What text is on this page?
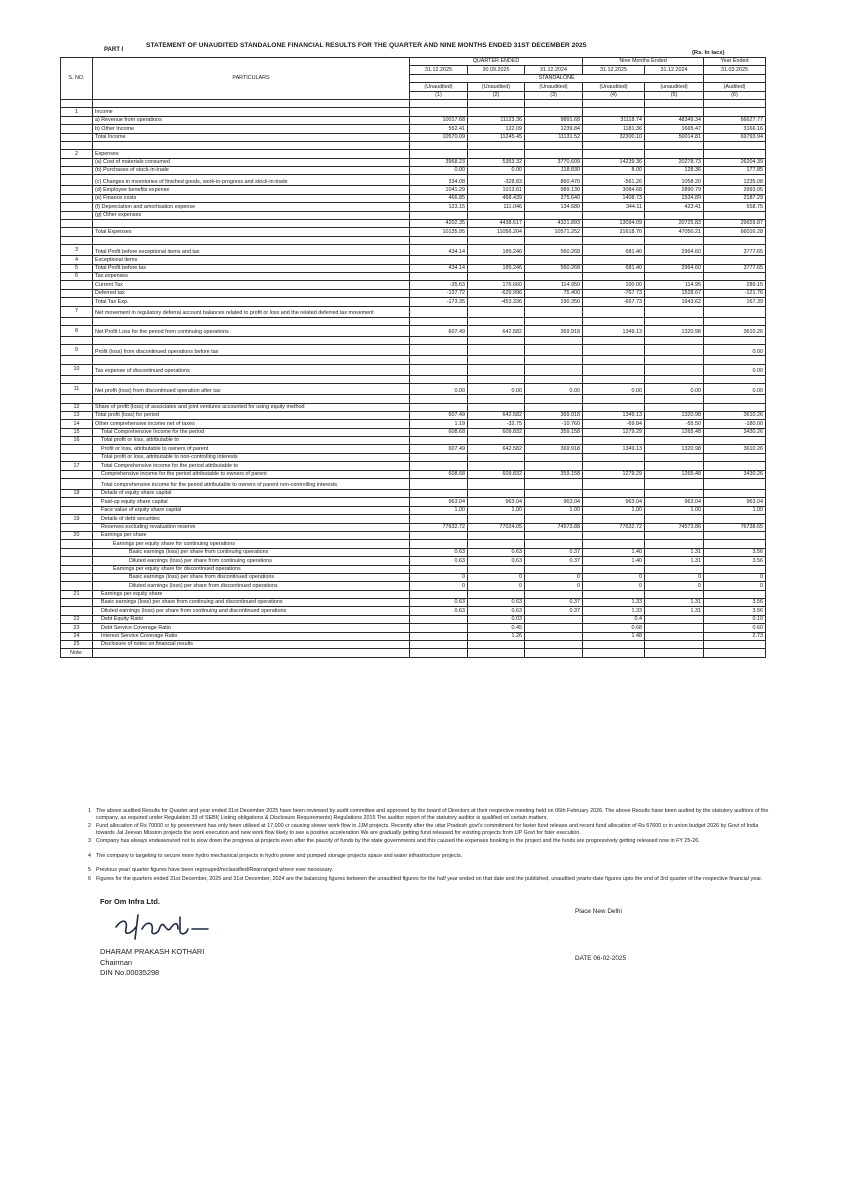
STATEMENT OF UNAUDITED STANDALONE FINANCIAL RESULTS FOR THE QUARTER AND NINE MONTHS ENDED 31ST DECEMBER 2025
PART I	(Rs. In lacs)
S. NO.	PARTICULARS	QUARTER ENDED			Nine Months Ended		Year Ended
		31.12.2025	30.09.2025	31.12.2024	31.12.2025	31.12.2024	31.03.2025
		STANDALONE					
		(Unaudited)	(Unaudited)	(Unaudited)	(Unaudited)	(unaudited)	(Audited)
		(1)	(2)	(3)	(4)	(5)	(6)

1	Income						
	a) Revenue from operations	10017.68	11123.36	9891.68	31118.74	48349.34	66627.77
	b) Other Income	552.41	122.09	1239.84	1181.36	1665.47	3166.16
	Total Income	10570.09	11245.45	11131.52	32300.10	50014.81	69793.94

2	Expenses						
	(a) Cost of materials consumed	3968.23	5353.32	3770.609	14239.36	20278.73	26204.39
	(b) Purchases of stock-in-trade	0.00	0.00	118.830	8.00	128.36	177.85
	(c) Changes in inventories of finished goods, work-in-progress and stock-in-trade	334.08	-328.83	860.470	-561.26	1058.20	1235.08
	(d) Employee benefits expense	1041.29	1013.61	989.130	3084.68	2890.79	3993.05
	(e) Finance costs	466.85	468.439	375.640	1408.73	1534.89	2187.29
	(f) Depreciation and amortisation expense	123.15	111.046	134.680	344.11	423.41	558.75
	(g) Other expenses						
		4202.35	4438.617	4321.893	13094.09	20725.83	29659.87
	Total Expenses	10135.95	11056.204	10571.252	31618.70	47050.21	66016.28

3	Total Profit before exceptional items and tax	434.14	189.246	560.268	681.40	2964.60	3777.65
4	Exceptional items						
5	Total Profit before tax	434.14	189.246	560.268	681.40	2964.60	3777.65
6	Tax expenses						
	Current Tax	-35.63	176.660	114.950	100.00	114.95	289.15
	Deferred tax	-137.72	-629.996	75.400	-767.73	1528.67	-121.76
	Total Tax Exp.	-173.35	-453.336	190.350	-667.73	1643.62	167.39
7	Net movement in regulatory deferral account balances related to profit or loss and the related deferred tax movement						

8	Net Profit Loss for the period from continuing operations	607.49	642.582	369.918	1349.13	1320.98	3610.26

9	Profit (loss) from discontinued operations before tax						0.00

10	Tax expense of discontinued operations						0.00

11	Net profit (loss) from discontinued operation after tax	0.00	0.00	0.00	0.00	0.00	0.00

12	Share of profit (loss) of associates and joint ventures accounted for using equity method						
13	Total profit (loss) for period	607.49	642.582	369.918	1349.13	1320.98	3610.26
14	Other comprehensive income net of taxes	1.19	-32.75	-10.760	-69.84	-55.50	-180.00
15	Total Comprehensive Income for the period	608.68	609.832	359.158	1279.29	1265.48	3430.26
16	Total profit or loss, attributable to						
	Profit or loss, attributable to owners of parent	607.49	642.582	369.918	1349.13	1320.98	3610.26
	Total profit or loss, attributable to non-controlling interests						
17	Total Comprehensive income for the period attributable to						
	Comprehensive income for the period attributable to owners of parent	608.68	609.832	359.158	1279.29	1265.48	3430.26
	Total comprehensive income for the period attributable to owners of parent non-controlling interests						
18	Details of equity share capital						
	Paid-up equity share capital	963.04	963.04	963.04	963.04	963.04	963.04
	Face value of equity share capital	1.00	1.00	1.00	1.00	1.00	1.00
19	Details of debt securities						
	Reserves excluding revaluation reserve	77632.72	77024.05	74573.88	77632.72	74573.86	76738.65
20	Earnings per share						
	Earnings per equity share for continuing operations						
	Basic earnings (loss) per share from continuing operations	0.63	0.63	0.37	1.40	1.31	3.56
	Diluted earnings (loss) per share from continuing operations	0.63	0.63	0.37	1.40	1.31	3.56
	Earnings per equity share for discontinued operations						
	Basic earnings (loss) per share from discontinued operations	0	0	0	0	0	0
	Diluted earnings (loss) per share from discontinued operations	0	0	0	0	0	0
21	Earnings per equity share						
	Basic earnings (loss) per share from continuing and discontinued operations	0.63	0.63	0.37	1.33	1.31	3.56
	Diluted earnings (loss) per share from continuing and discontinued operations	0.63	0.63	0.37	1.33	1.31	3.56
22	Debt Equity Ratio		0.03		0.4		0.10
23	Debt Service Coverage Ratio		0.45		0.68		0.60
24	Interest Service Coverage Ratio		1.26		1.48		2.73
25	Disclosure of notes on financial results						
Note:							
1 The above audited Results for Quarter and year ended 31st December 2025 have been reviewed by audit committee and approved by the board of Directors at their respective meeting held on 06th February 2026. The above Results have been audied by the statutory auditors of the company, as required under Regulation 33 of SEBI( Listing obligations & Disclosure Requirements) Regulations 2015 The auditor report of the statutory auditor is qualified on certain matters.
2 Fund allocation of Rs 70000 cr by government has only been utilised at 17,000 cr causing slower work flow in JJM projects. Recently after the uttar Pradesh govt's commitment for faster fund release and recent fund allocation of Rs 67600 cr in union budget 2026 by Govt of India towards Jal Jeevan Mission projects the work execution and new work flow likely to see a positive acceleration We are gradually getting fund released for existing projects from UP Govt for fster execution.
3 Company has always endeavoured not to slow down the progress at projects even after the paucity of funds by the state governments and this caused the expenses booking in the project and the funds are progressively getting released now in FY 25-26.
4 The company is targeting to secure more hydro mechanical projects in hydro power and pumped storage projects space and water infrastructure projects.
5 Previous year/ quarter figures have been regrouped/reclassified/Rearranged where ever necessary.
6 Figures for the quarters ended 31st December, 2025 and 31st December, 2024 are the balancing figures between the unaudited figures for the half year ended on that date and the published, unaudited yearto-date figures upto the end of 3rd quarter of the respective financial year.
For Om Infra Ltd.
DHARAM PRAKASH KOTHARI
Chairman
DIN No.00035298
Place New Delhi
DATE 06-02-2025
